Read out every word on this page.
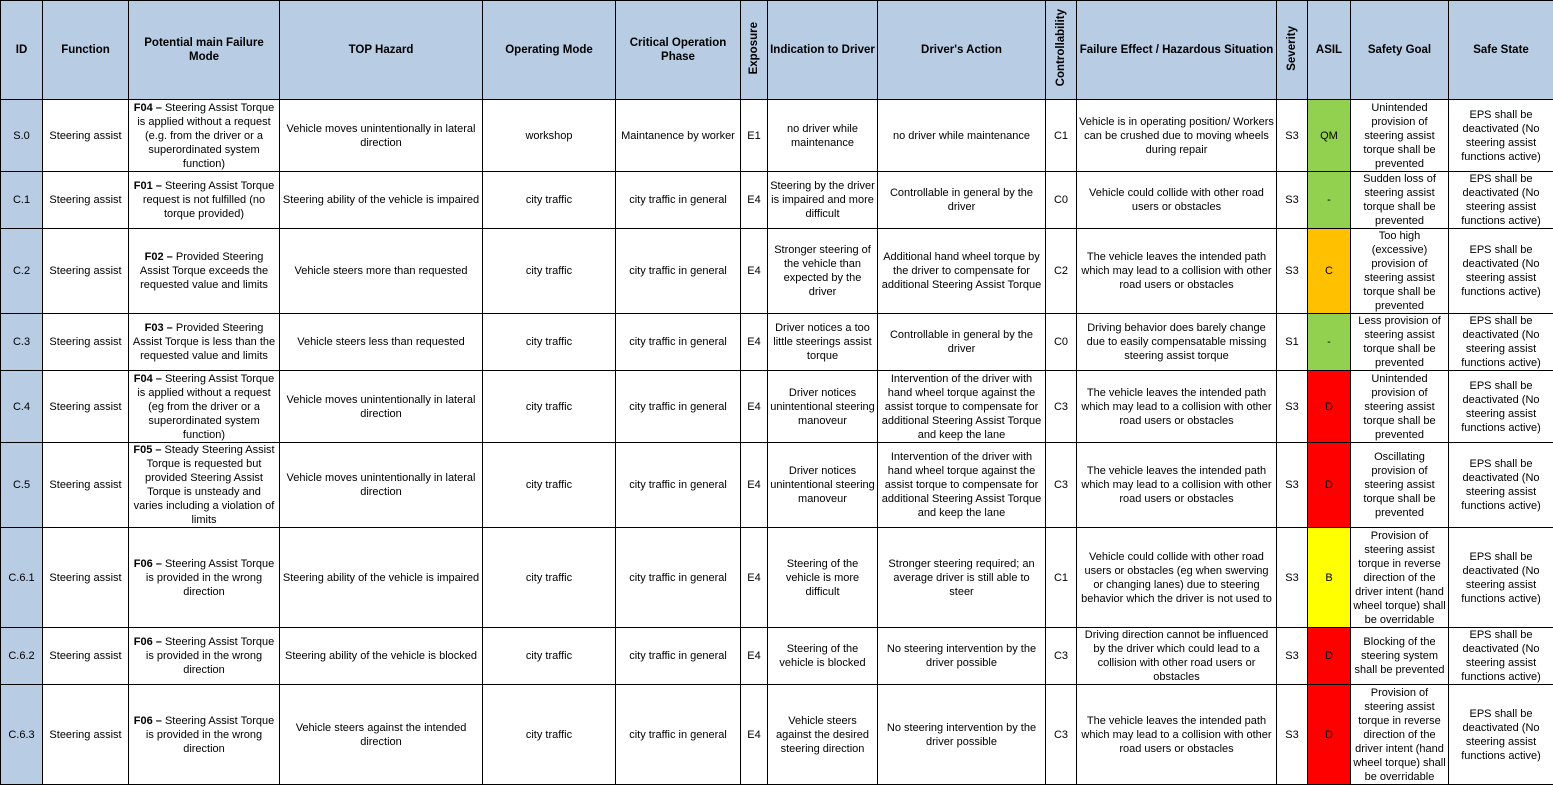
ID	Function	Potential main Failure Mode	TOP Hazard	Operating Mode	Critical Operation Phase	Exposure	Indication to Driver	Driver's Action	Controllability	Failure Effect / Hazardous Situation	Severity	ASIL	Safety Goal	Safe State
S.0	Steering assist	F04 – Steering Assist Torque is applied without a request (e.g. from the driver or a superordinated system function)	Vehicle moves unintentionally in lateral direction	workshop	Maintanence by worker	E1	no driver while maintenance	no driver while maintenance	C1	Vehicle is in operating position/ Workers can be crushed due to moving wheels during repair	S3	QM	Unintended provision of steering assist torque shall be prevented	EPS shall be deactivated (No steering assist functions active)
C.1	Steering assist	F01 – Steering Assist Torque request is not fulfilled (no torque provided)	Steering ability of the vehicle is impaired	city traffic	city traffic in general	E4	Steering by the driver is impaired and more difficult	Controllable in general by the driver	C0	Vehicle could collide with other road users or obstacles	S3	-	Sudden loss of steering assist torque shall be prevented	EPS shall be deactivated (No steering assist functions active)
C.2	Steering assist	F02 – Provided Steering Assist Torque exceeds the requested value and limits	Vehicle steers more than requested	city traffic	city traffic in general	E4	Stronger steering of the vehicle than expected by the driver	Additional hand wheel torque by the driver to compensate for additional Steering Assist Torque	C2	The vehicle leaves the intended path which may lead to a collision with other road users or obstacles	S3	C	Too high (excessive) provision of steering assist torque shall be prevented	EPS shall be deactivated (No steering assist functions active)
C.3	Steering assist	F03 – Provided Steering Assist Torque is less than the requested value and limits	Vehicle steers less than requested	city traffic	city traffic in general	E4	Driver notices a too little steerings assist torque	Controllable in general by the driver	C0	Driving behavior does barely change due to easily compensatable missing steering assist torque	S1	-	Less provision of steering assist torque shall be prevented	EPS shall be deactivated (No steering assist functions active)
C.4	Steering assist	F04 – Steering Assist Torque is applied without a request (eg from the driver or a superordinated system function)	Vehicle moves unintentionally in lateral direction	city traffic	city traffic in general	E4	Driver notices unintentional steering manoveur	Intervention of the driver with hand wheel torque against the assist torque to compensate for additional Steering Assist Torque and keep the lane	C3	The vehicle leaves the intended path which may lead to a collision with other road users or obstacles	S3	D	Unintended provision of steering assist torque shall be prevented	EPS shall be deactivated (No steering assist functions active)
C.5	Steering assist	F05 – Steady Steering Assist Torque is requested but provided Steering Assist Torque is unsteady and varies including a violation of limits	Vehicle moves unintentionally in lateral direction	city traffic	city traffic in general	E4	Driver notices unintentional steering manoveur	Intervention of the driver with hand wheel torque against the assist torque to compensate for additional Steering Assist Torque and keep the lane	C3	The vehicle leaves the intended path which may lead to a collision with other road users or obstacles	S3	D	Oscillating provision of steering assist torque shall be prevented	EPS shall be deactivated (No steering assist functions active)
C.6.1	Steering assist	F06 – Steering Assist Torque is provided in the wrong direction	Steering ability of the vehicle is impaired	city traffic	city traffic in general	E4	Steering of the vehicle is more difficult	Stronger steering required; an average driver is still able to steer	C1	Vehicle could collide with other road users or obstacles (eg when swerving or changing lanes) due to steering behavior which the driver is not used to	S3	B	Provision of steering assist torque in reverse direction of the driver intent (hand wheel torque) shall be overridable	EPS shall be deactivated (No steering assist functions active)
C.6.2	Steering assist	F06 – Steering Assist Torque is provided in the wrong direction	Steering ability of the vehicle is blocked	city traffic	city traffic in general	E4	Steering of the vehicle is blocked	No steering intervention by the driver possible	C3	Driving direction cannot be influenced by the driver which could lead to a collision with other road users or obstacles	S3	D	Blocking of the steering system shall be prevented	EPS shall be deactivated (No steering assist functions active)
C.6.3	Steering assist	F06 – Steering Assist Torque is provided in the wrong direction	Vehicle steers against the intended direction	city traffic	city traffic in general	E4	Vehicle steers against the desired steering direction	No steering intervention by the driver possible	C3	The vehicle leaves the intended path which may lead to a collision with other road users or obstacles	S3	D	Provision of steering assist torque in reverse direction of the driver intent (hand wheel torque) shall be overridable	EPS shall be deactivated (No steering assist functions active)
